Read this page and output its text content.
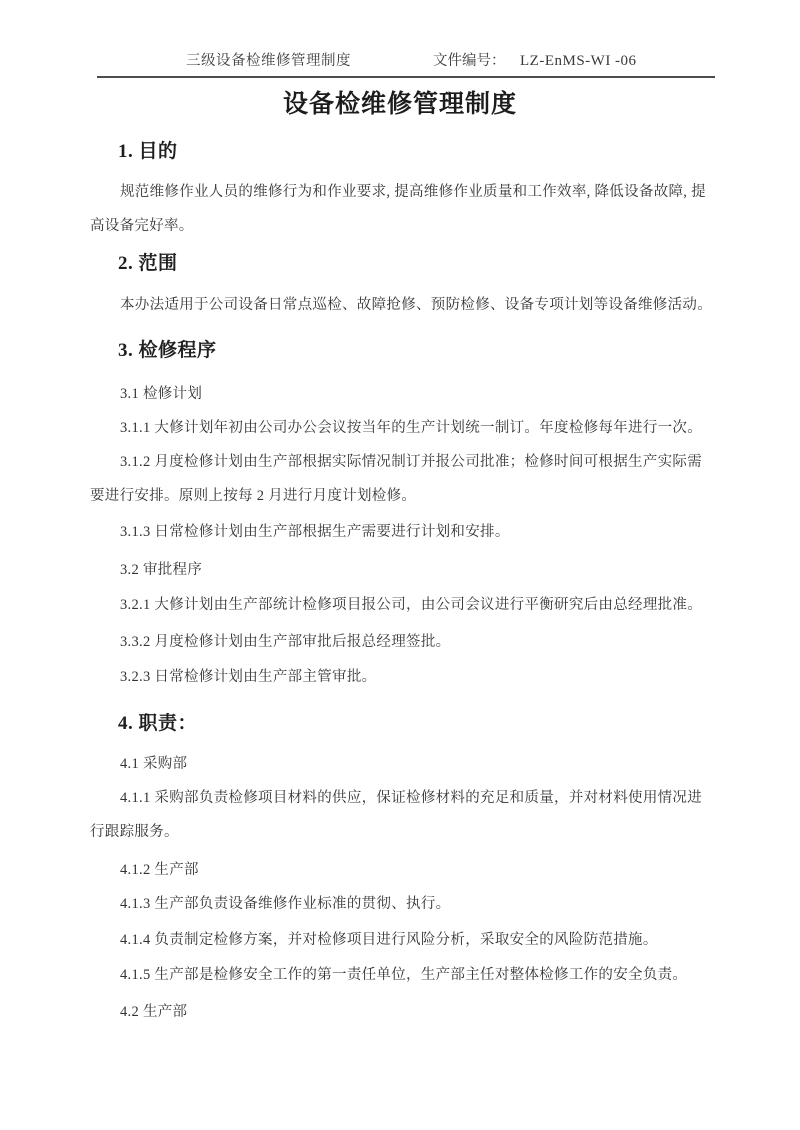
三级设备检维修管理制度	文件编号： LZ-EnMS-WI -06
设备检维修管理制度

1. 目的

规范维修作业人员的维修行为和作业要求, 提高维修作业质量和工作效率, 降低设备故障, 提高设备完好率。

2. 范围

本办法适用于公司设备日常点巡检、故障抢修、预防检修、设备专项计划等设备维修活动。

3. 检修程序

3.1 检修计划

3.1.1 大修计划年初由公司办公会议按当年的生产计划统一制订。年度检修每年进行一次。

3.1.2 月度检修计划由生产部根据实际情况制订并报公司批准；检修时间可根据生产实际需要进行安排。原则上按每 2 月进行月度计划检修。

3.1.3 日常检修计划由生产部根据生产需要进行计划和安排。

3.2 审批程序

3.2.1 大修计划由生产部统计检修项目报公司，由公司会议进行平衡研究后由总经理批准。

3.3.2 月度检修计划由生产部审批后报总经理签批。

3.2.3 日常检修计划由生产部主管审批。

4. 职责：

4.1 采购部

4.1.1 采购部负责检修项目材料的供应，保证检修材料的充足和质量，并对材料使用情况进行跟踪服务。

4.1.2 生产部

4.1.3 生产部负责设备维修作业标准的贯彻、执行。

4.1.4 负责制定检修方案，并对检修项目进行风险分析，采取安全的风险防范措施。

4.1.5 生产部是检修安全工作的第一责任单位，生产部主任对整体检修工作的安全负责。

4.2 生产部
